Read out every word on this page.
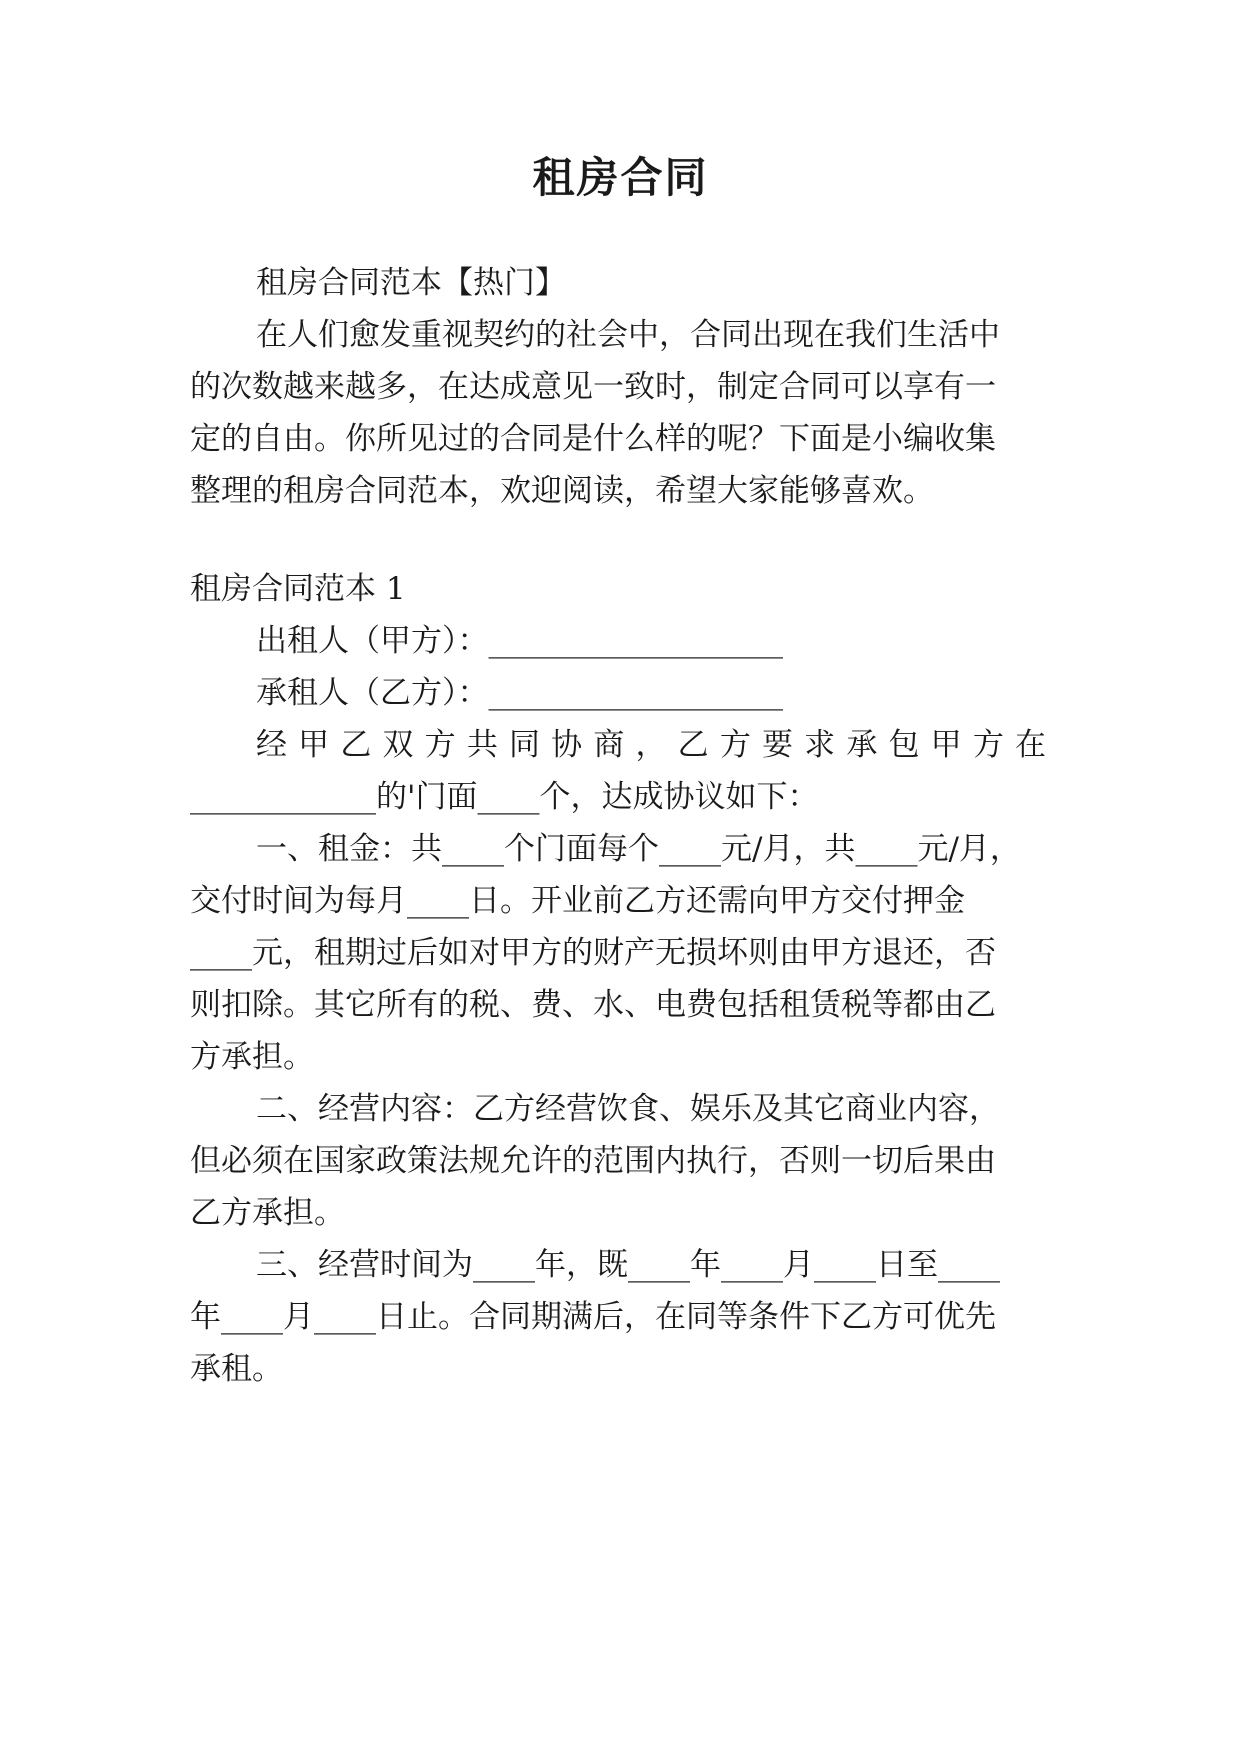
租房合同
租房合同范本【热门】
在人们愈发重视契约的社会中，合同出现在我们生活中
的次数越来越多，在达成意见一致时，制定合同可以享有一
定的自由。你所见过的合同是什么样的呢？下面是小编收集
整理的租房合同范本，欢迎阅读，希望大家能够喜欢。
租房合同范本 1
出租人（甲方）：___________________
承租人（乙方）：___________________
经甲乙双方共同协商，乙方要求承包甲方在
____________的'门面____个，达成协议如下：
一、租金：共____个门面每个____元/月，共____元/月，
交付时间为每月____日。开业前乙方还需向甲方交付押金
____元，租期过后如对甲方的财产无损坏则由甲方退还，否
则扣除。其它所有的税、费、水、电费包括租赁税等都由乙
方承担。
二、经营内容：乙方经营饮食、娱乐及其它商业内容，
但必须在国家政策法规允许的范围内执行，否则一切后果由
乙方承担。
三、经营时间为____年，既____年____月____日至____
年____月____日止。合同期满后，在同等条件下乙方可优先
承租。
